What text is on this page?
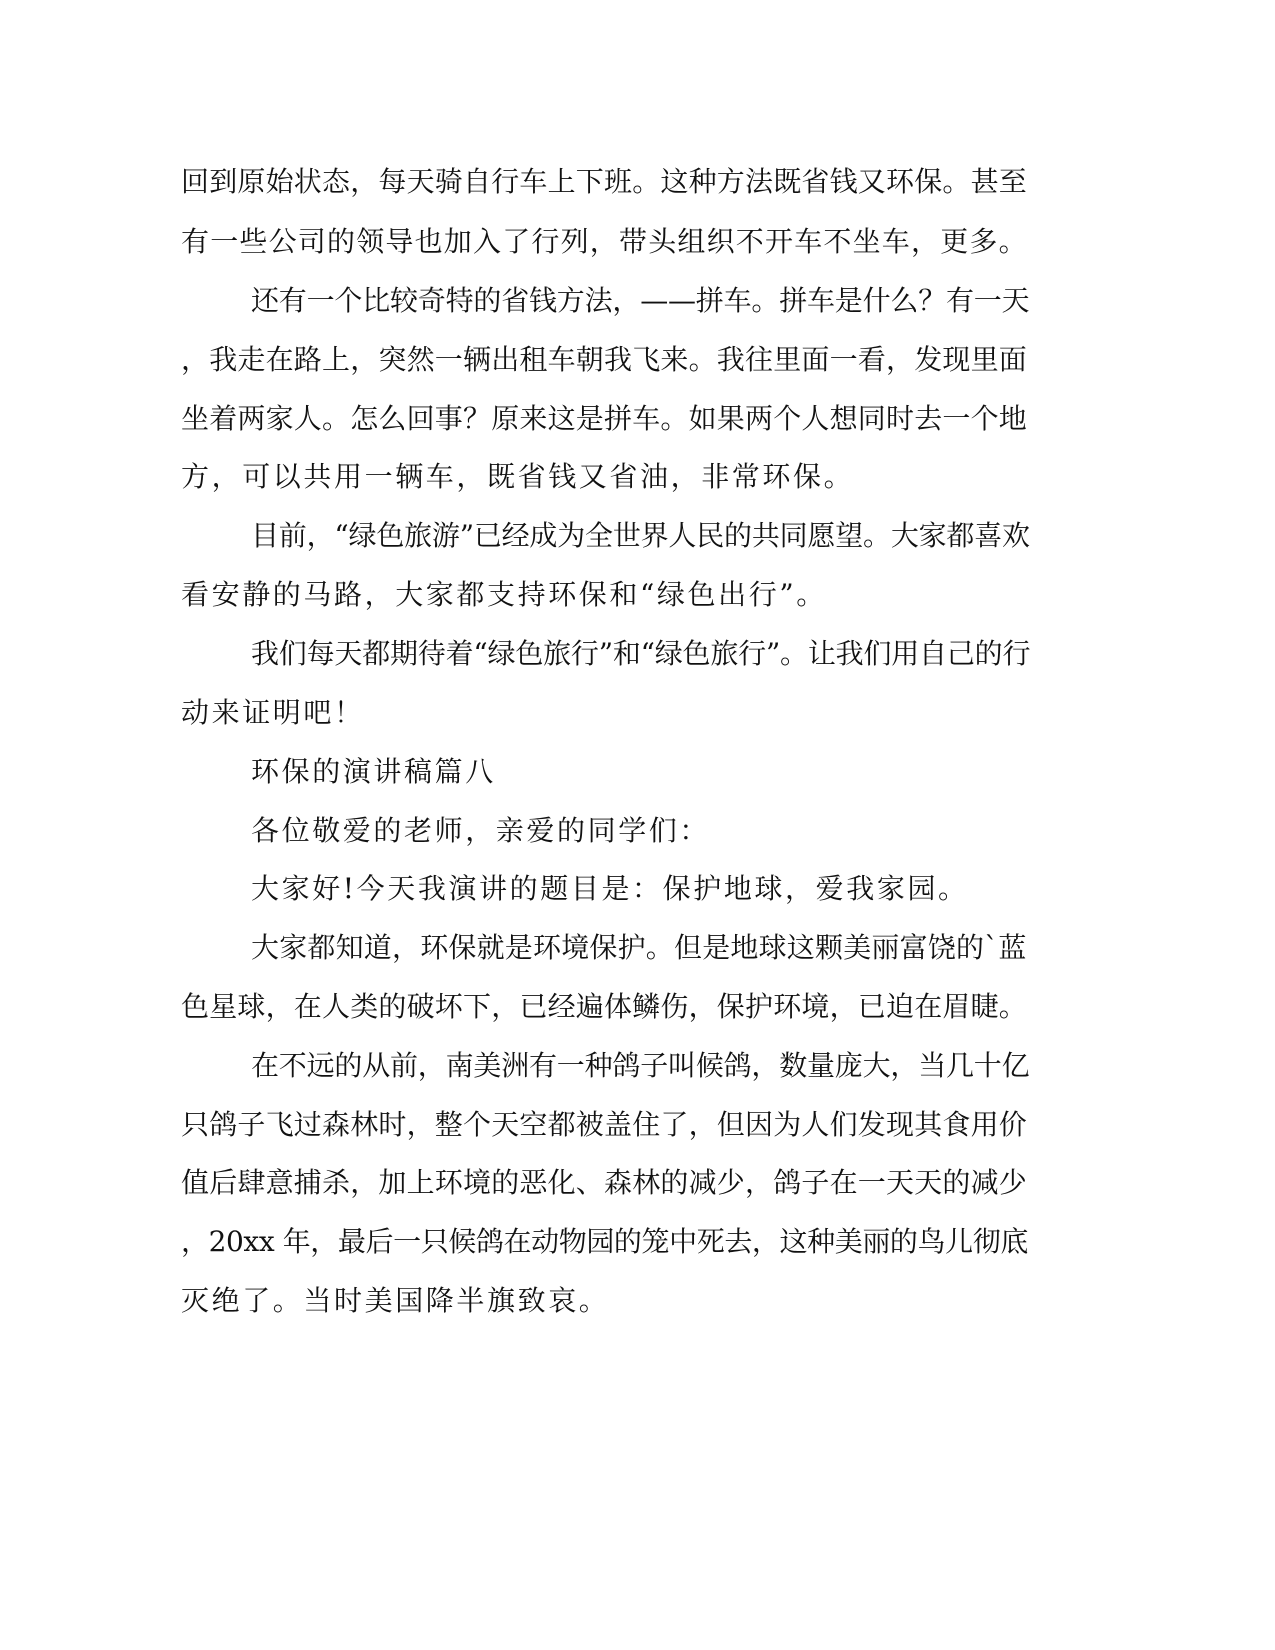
回到原始状态，每天骑自行车上下班。这种方法既省钱又环保。甚至
有一些公司的领导也加入了行列，带头组织不开车不坐车，更多。
还有一个比较奇特的省钱方法，——拼车。拼车是什么？有一天
，我走在路上，突然一辆出租车朝我飞来。我往里面一看，发现里面
坐着两家人。怎么回事？原来这是拼车。如果两个人想同时去一个地
方，可以共用一辆车，既省钱又省油，非常环保。
目前，“绿色旅游”已经成为全世界人民的共同愿望。大家都喜欢
看安静的马路，大家都支持环保和“绿色出行”。
我们每天都期待着“绿色旅行”和“绿色旅行”。让我们用自己的行
动来证明吧！
环保的演讲稿篇八
各位敬爱的老师，亲爱的同学们：
大家好!今天我演讲的题目是：保护地球，爱我家园。
大家都知道，环保就是环境保护。但是地球这颗美丽富饶的`蓝
色星球，在人类的破坏下，已经遍体鳞伤，保护环境，已迫在眉睫。
在不远的从前，南美洲有一种鸽子叫候鸽，数量庞大，当几十亿
只鸽子飞过森林时，整个天空都被盖住了，但因为人们发现其食用价
值后肆意捕杀，加上环境的恶化、森林的减少，鸽子在一天天的减少
，20xx 年，最后一只候鸽在动物园的笼中死去，这种美丽的鸟儿彻底
灭绝了。当时美国降半旗致哀。
